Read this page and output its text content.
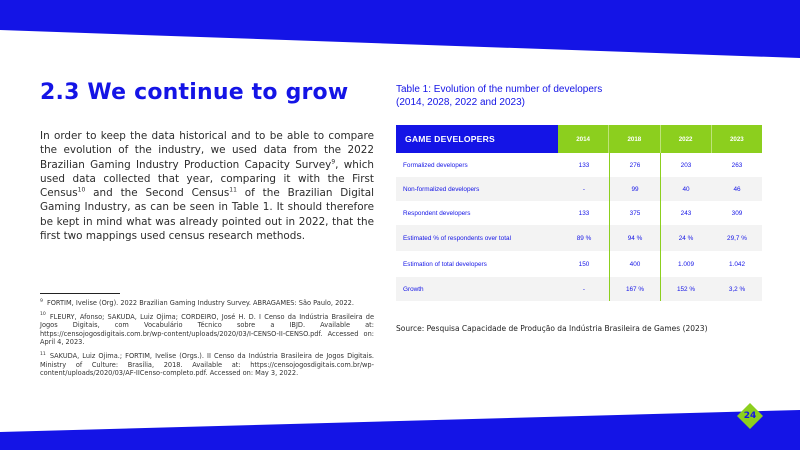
2.3 We continue to grow

In order to keep the data historical and to be able to compare the evolution of the industry, we used data from the 2022 Brazilian Gaming Industry Production Capacity Survey$^9$, which used data collected that year, comparing it with the First Census$^{10}$ and the Second Census$^{11}$ of the Brazilian Digital Gaming Industry, as can be seen in Table 1. It should therefore be kept in mind what was already pointed out in 2022, that the first two mappings used census research methods.

$^9$ FORTIM, Ivelise (Org). 2022 Brazilian Gaming Industry Survey. ABRAGAMES: São Paulo, 2022.

$^{10}$ FLEURY, Afonso; SAKUDA, Luiz Ojima; CORDEIRO, José H. D. I Censo da Indústria Brasileira de Jogos Digitais, com Vocabulário Técnico sobre a IBJD. Available at: https://censojogosdigitais.com.br/wp-content/uploads/2020/03/I-CENSO-II-CENSO.pdf. Accessed on: April 4, 2023.

$^{11}$ SAKUDA, Luiz Ojima.; FORTIM, Ivelise (Orgs.). II Censo da Indústria Brasileira de Jogos Digitais. Ministry of Culture: Brasília, 2018. Available at: https://censojogosdigitais.com.br/wp-content/uploads/2020/03/AF-IICenso-completo.pdf. Accessed on: May 3, 2022.

Table 1: Evolution of the number of developers
(2014, 2028, 2022 and 2023)
GAME DEVELOPERS	2014	2018	2022	2023
Formalized developers	133	276	203	263
Non-formalized developers	-	99	40	46
Respondent developers	133	375	243	309
Estimated % of respondents over total	89 %	94 %	24 %	29,7 %
Estimation of total developers	150	400	1.009	1.042
Growth	-	167 %	152 %	3,2 %

Source: Pesquisa Capacidade de Produção da Indústria Brasileira de Games (2023)

24
